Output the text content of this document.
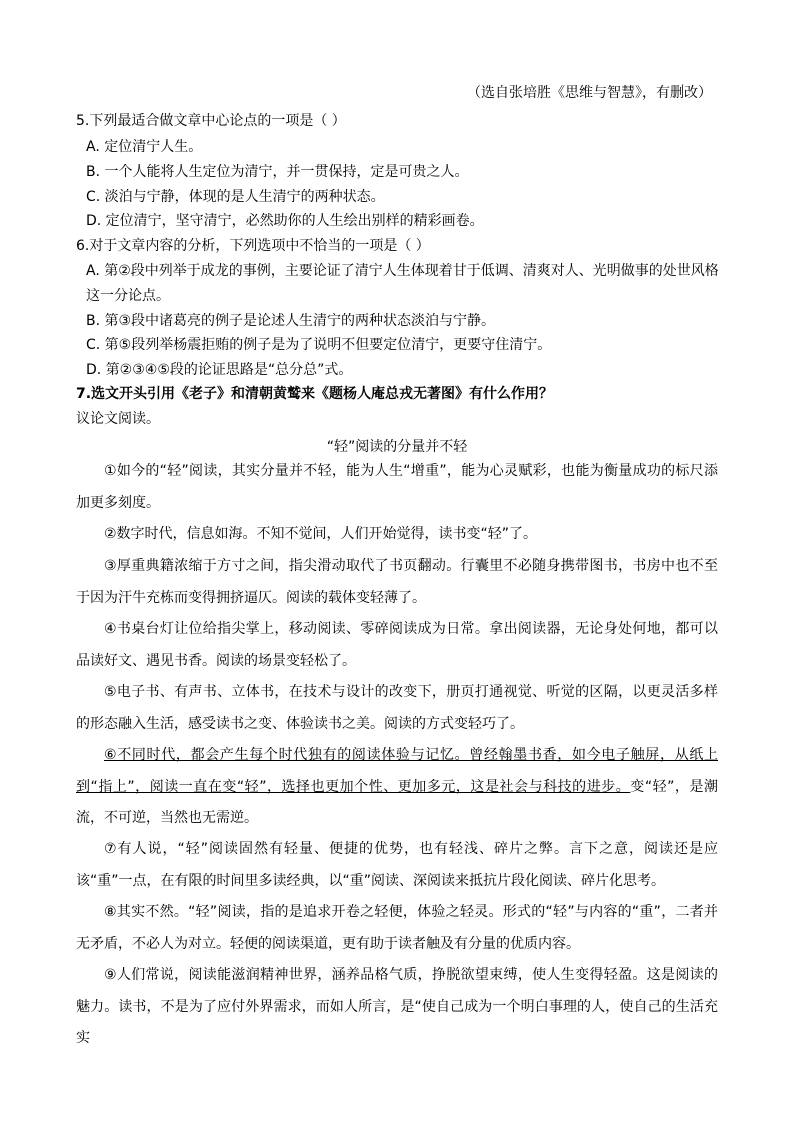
（选自张培胜《思维与智慧》，有删改）
5.下列最适合做文章中心论点的一项是（ ）
A. 定位清宁人生。
B. 一个人能将人生定位为清宁，并一贯保持，定是可贵之人。
C. 淡泊与宁静，体现的是人生清宁的两种状态。
D. 定位清宁，坚守清宁，必然助你的人生绘出别样的精彩画卷。
6.对于文章内容的分析，下列选项中不恰当的一项是（ ）
A. 第②段中列举于成龙的事例，主要论证了清宁人生体现着甘于低调、清爽对人、光明做事的处世风格
这一分论点。
B. 第③段中诸葛亮的例子是论述人生清宁的两种状态淡泊与宁静。
C. 第⑤段列举杨震拒贿的例子是为了说明不但要定位清宁，更要守住清宁。
D. 第②③④⑤段的论证思路是“总分总”式。
7.选文开头引用《老子》和清朝黄鹫来《题杨人庵总戎无著图》有什么作用？
议论文阅读。
“轻”阅读的分量并不轻
①如今的“轻”阅读，其实分量并不轻，能为人生“增重”，能为心灵赋彩，也能为衡量成功的标尺添加更多刻度。
②数字时代，信息如海。不知不觉间，人们开始觉得，读书变“轻”了。
③厚重典籍浓缩于方寸之间，指尖滑动取代了书页翻动。行囊里不必随身携带图书，书房中也不至于因为汗牛充栋而变得拥挤逼仄。阅读的载体变轻薄了。
④书桌台灯让位给指尖掌上，移动阅读、零碎阅读成为日常。拿出阅读器，无论身处何地，都可以品读好文、遇见书香。阅读的场景变轻松了。
⑤电子书、有声书、立体书，在技术与设计的改变下，册页打通视觉、听觉的区隔，以更灵活多样的形态融入生活，感受读书之变、体验读书之美。阅读的方式变轻巧了。
⑥不同时代，都会产生每个时代独有的阅读体验与记忆。曾经翰墨书香，如今电子触屏，从纸上到“指上”，阅读一直在变“轻”，选择也更加个性、更加多元，这是社会与科技的进步。变“轻”，是潮流，不可逆，当然也无需逆。
⑦有人说，“轻”阅读固然有轻量、便捷的优势，也有轻浅、碎片之弊。言下之意，阅读还是应该“重”一点，在有限的时间里多读经典，以“重”阅读、深阅读来抵抗片段化阅读、碎片化思考。
⑧其实不然。“轻”阅读，指的是追求开卷之轻便，体验之轻灵。形式的“轻”与内容的“重”，二者并无矛盾，不必人为对立。轻便的阅读渠道，更有助于读者触及有分量的优质内容。
⑨人们常说，阅读能滋润精神世界，涵养品格气质，挣脱欲望束缚，使人生变得轻盈。这是阅读的魅力。读书，不是为了应付外界需求，而如人所言，是“使自己成为一个明白事理的人，使自己的生活充实
